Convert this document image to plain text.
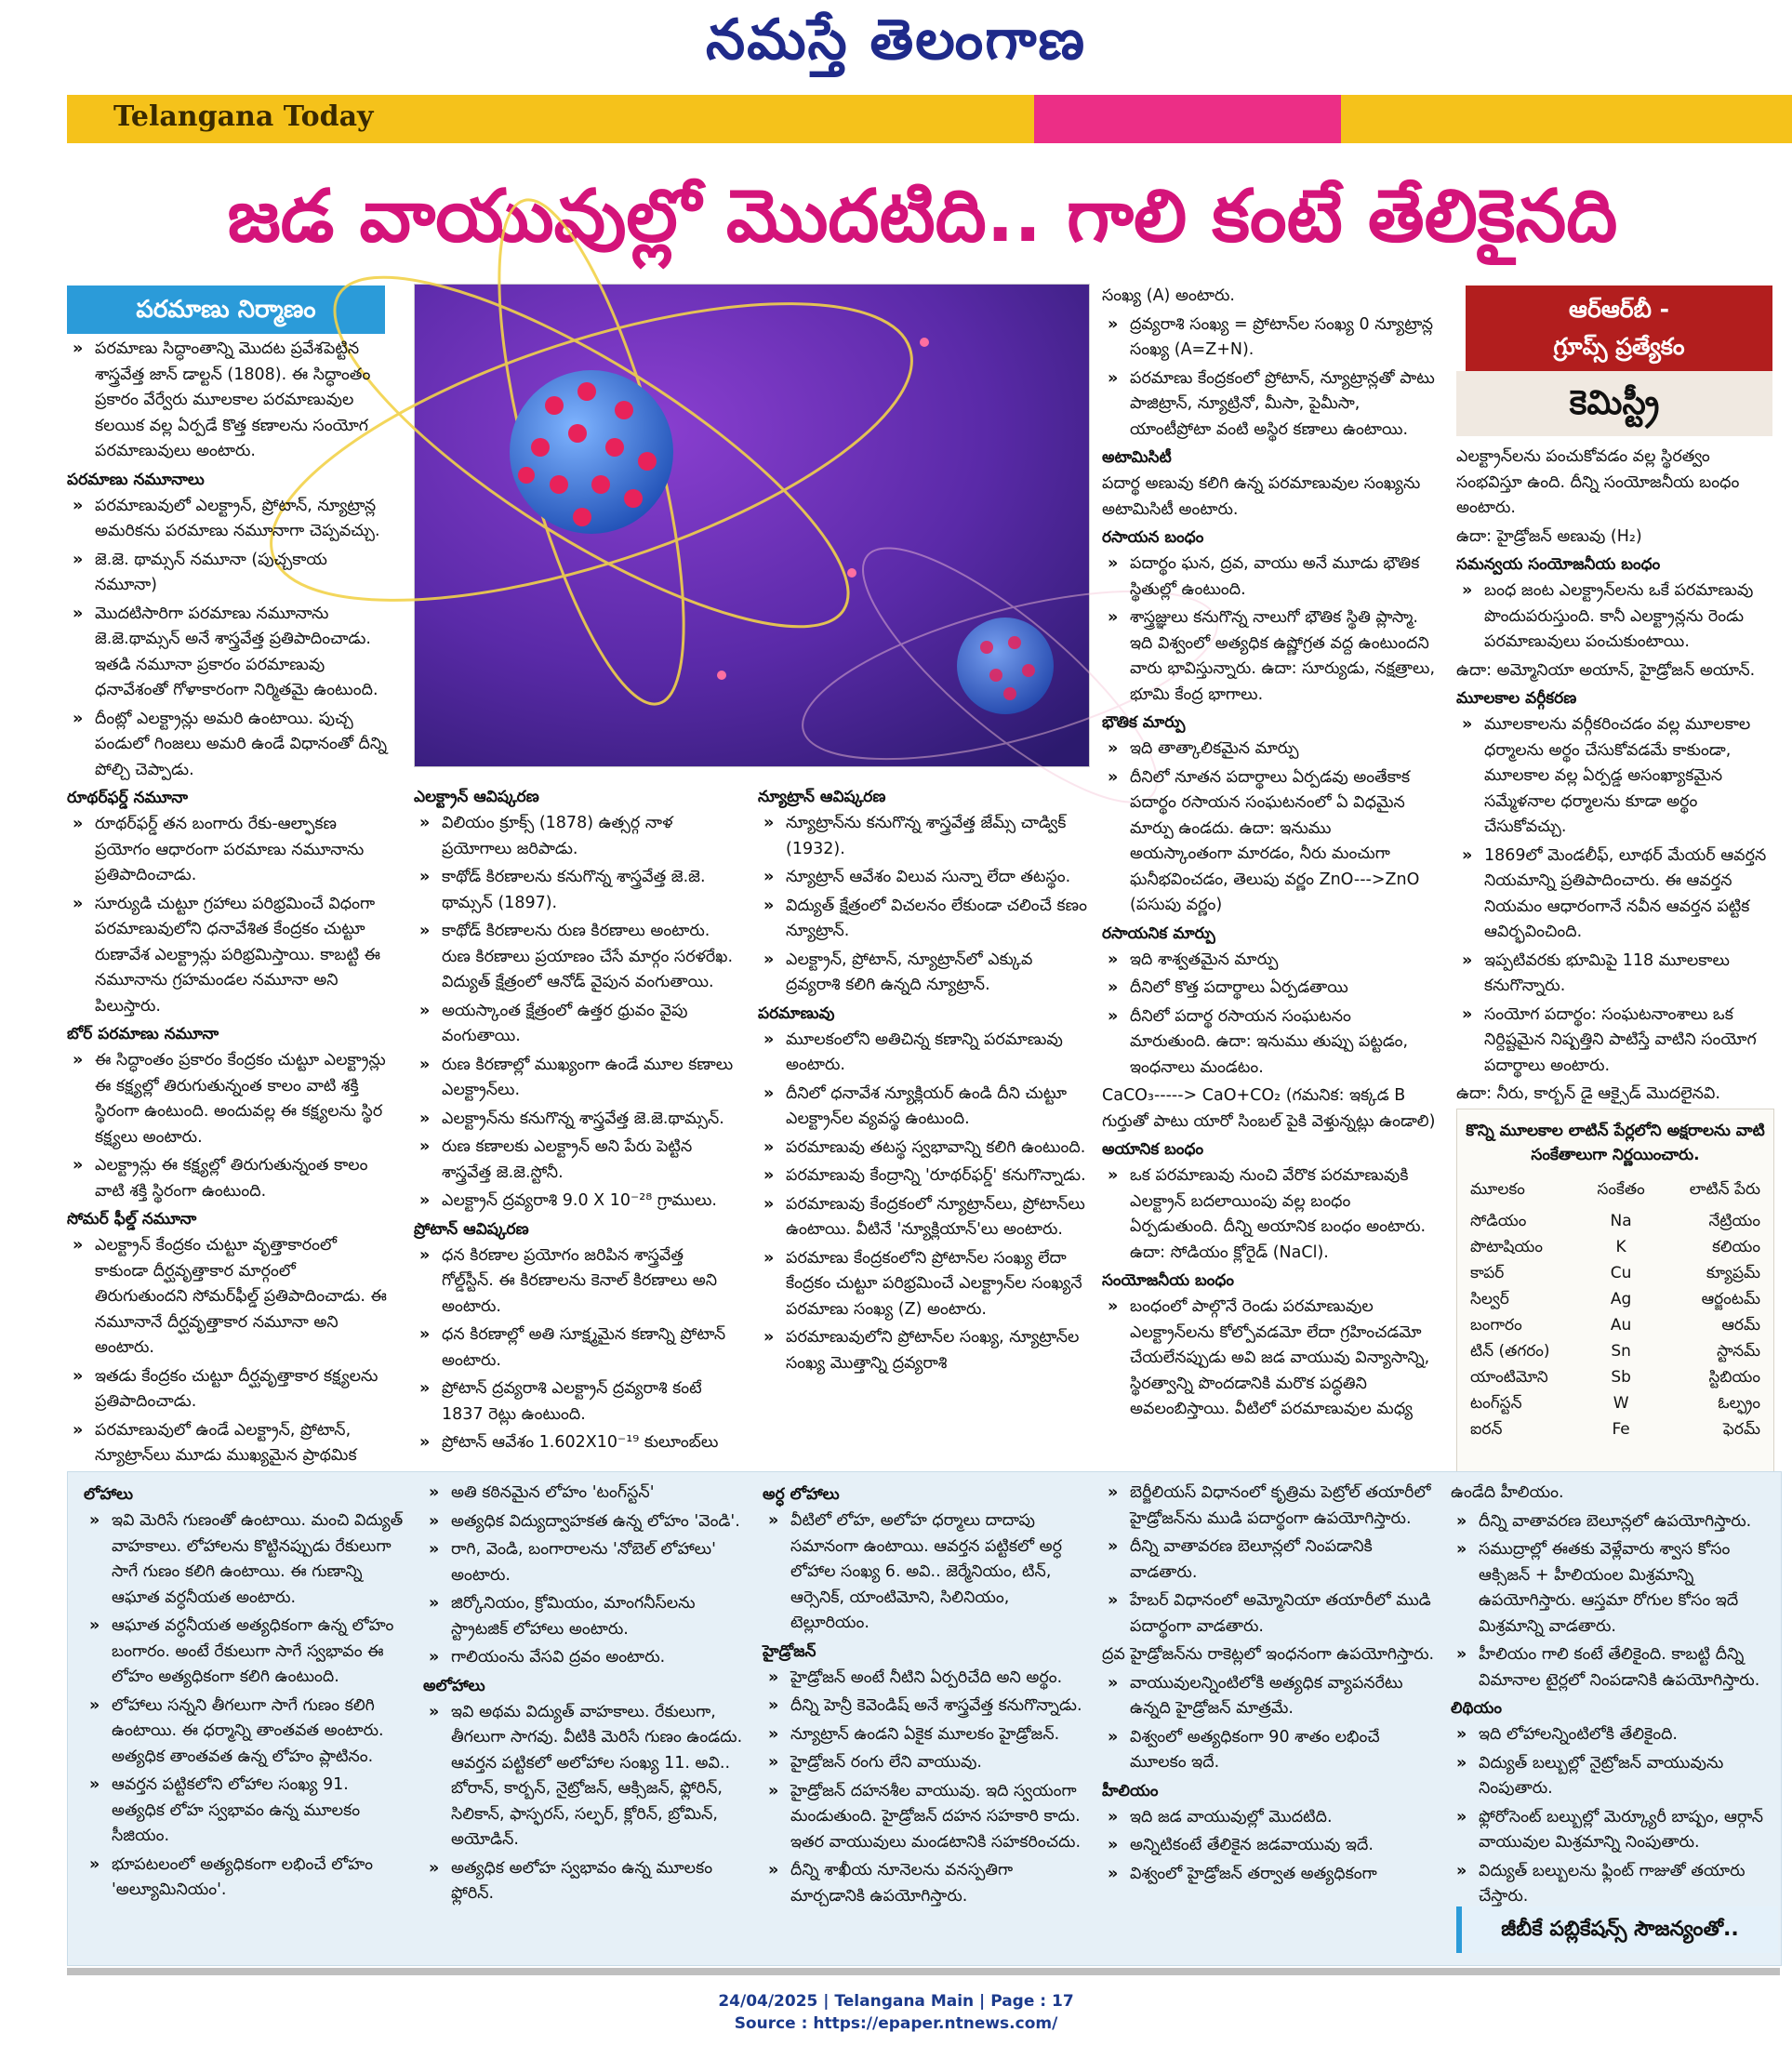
నమస్తే తెలంగాణ
Telangana Today
జడ వాయువుల్లో మొదటిది.. గాలి కంటే తేలికైనది
పరమాణు నిర్మాణం	ఆర్‌ఆర్‌బీ -
గ్రూప్స్ ప్రత్యేకం
కెమిస్ట్రీ
» పరమాణు సిద్ధాంతాన్ని మొదట ప్రవేశపెట్టిన శాస్త్రవేత్త జాన్ డాల్టన్ (1808). ఈ సిద్ధాంతం ప్రకారం వేర్వేరు మూలకాల పరమాణువుల కలయిక వల్ల ఏర్పడే కొత్త కణాలను సంయోగ పరమాణువులు అంటారు.
పరమాణు నమూనాలు
» పరమాణువులో ఎలక్ట్రాన్, ప్రోటాన్, న్యూట్రాన్ల అమరికను పరమాణు నమూనాగా చెప్పవచ్చు.
» జె.జె. థామ్సన్ నమూనా (పుచ్చకాయ నమూనా)
» మొదటిసారిగా పరమాణు నమూనాను జె.జె.థామ్సన్ అనే శాస్త్రవేత్త ప్రతిపాదించాడు. ఇతడి నమూనా ప్రకారం పరమాణువు ధనావేశంతో గోళాకారంగా నిర్మితమై ఉంటుంది.
» దీంట్లో ఎలక్ట్రాన్లు అమరి ఉంటాయి. పుచ్చ పండులో గింజలు అమరి ఉండే విధానంతో దీన్ని పోల్చి చెప్పాడు.
రూథర్‌ఫర్డ్ నమూనా
» రూథర్‌ఫర్డ్ తన బంగారు రేకు-ఆల్ఫాకణ ప్రయోగం ఆధారంగా పరమాణు నమూనాను ప్రతిపాదించాడు.
» సూర్యుడి చుట్టూ గ్రహాలు పరిభ్రమించే విధంగా పరమాణువులోని ధనావేశిత కేంద్రకం చుట్టూ రుణావేశ ఎలక్ట్రాన్లు పరిభ్రమిస్తాయి. కాబట్టి ఈ నమూనాను గ్రహమండల నమూనా అని పిలుస్తారు.
బోర్ పరమాణు నమూనా
» ఈ సిద్ధాంతం ప్రకారం కేంద్రకం చుట్టూ ఎలక్ట్రాన్లు ఈ కక్ష్యల్లో తిరుగుతున్నంత కాలం వాటి శక్తి స్థిరంగా ఉంటుంది. అందువల్ల ఈ కక్ష్యలను స్థిర కక్ష్యలు అంటారు.
» ఎలక్ట్రాన్లు ఈ కక్ష్యల్లో తిరుగుతున్నంత కాలం వాటి శక్తి స్థిరంగా ఉంటుంది.
సోమర్ ఫీల్డ్ నమూనా
» ఎలక్ట్రాన్ కేంద్రకం చుట్టూ వృత్తాకారంలో కాకుండా దీర్ఘవృత్తాకార మార్గంలో తిరుగుతుందని సోమర్‌ఫీల్డ్ ప్రతిపాదించాడు. ఈ నమూనానే దీర్ఘవృత్తాకార నమూనా అని అంటారు.
» ఇతడు కేంద్రకం చుట్టూ దీర్ఘవృత్తాకార కక్ష్యలను ప్రతిపాదించాడు.
» పరమాణువులో ఉండే ఎలక్ట్రాన్, ప్రోటాన్, న్యూట్రాన్‌లు మూడు ముఖ్యమైన ప్రాథమిక
ఎలక్ట్రాన్ ఆవిష్కరణ
» విలియం క్రూక్స్ (1878) ఉత్సర్గ నాళ ప్రయోగాలు జరిపాడు.
» కాథోడ్ కిరణాలను కనుగొన్న శాస్త్రవేత్త జె.జె. థామ్సన్ (1897).
» కాథోడ్ కిరణాలను రుణ కిరణాలు అంటారు. రుణ కిరణాలు ప్రయాణం చేసే మార్గం సరళరేఖ. విద్యుత్ క్షేత్రంలో ఆనోడ్ వైపున వంగుతాయి.
» అయస్కాంత క్షేత్రంలో ఉత్తర ధ్రువం వైపు వంగుతాయి.
» రుణ కిరణాల్లో ముఖ్యంగా ఉండే మూల కణాలు ఎలక్ట్రాన్‌లు.
» ఎలక్ట్రాన్‌ను కనుగొన్న శాస్త్రవేత్త జె.జె.థామ్సన్.
» రుణ కణాలకు ఎలక్ట్రాన్ అని పేరు పెట్టిన శాస్త్రవేత్త జె.జె.స్టోనీ.
» ఎలక్ట్రాన్ ద్రవ్యరాశి 9.0 X 10⁻²⁸ గ్రాములు.
ప్రోటాన్ ఆవిష్కరణ
» ధన కిరణాల ప్రయోగం జరిపిన శాస్త్రవేత్త గోల్డ్‌స్టీన్. ఈ కిరణాలను కెనాల్ కిరణాలు అని అంటారు.
» ధన కిరణాల్లో అతి సూక్ష్మమైన కణాన్ని ప్రోటాన్ అంటారు.
» ప్రోటాన్ ద్రవ్యరాశి ఎలక్ట్రాన్ ద్రవ్యరాశి కంటే 1837 రెట్లు ఉంటుంది.
» ప్రోటాన్ ఆవేశం 1.602X10⁻¹⁹ కులూంబ్‌లు
న్యూట్రాన్ ఆవిష్కరణ
» న్యూట్రాన్‌ను కనుగొన్న శాస్త్రవేత్త జేమ్స్ చాడ్విక్ (1932).
» న్యూట్రాన్ ఆవేశం విలువ సున్నా లేదా తటస్థం.
» విద్యుత్ క్షేత్రంలో విచలనం లేకుండా చలించే కణం న్యూట్రాన్.
» ఎలక్ట్రాన్, ప్రోటాన్, న్యూట్రాన్‌లో ఎక్కువ ద్రవ్యరాశి కలిగి ఉన్నది న్యూట్రాన్.
పరమాణువు
» మూలకంలోని అతిచిన్న కణాన్ని పరమాణువు అంటారు.
» దీనిలో ధనావేశ న్యూక్లియర్ ఉండి దీని చుట్టూ ఎలక్ట్రాన్‌ల వ్యవస్థ ఉంటుంది.
» పరమాణువు తటస్థ స్వభావాన్ని కలిగి ఉంటుంది.
» పరమాణువు కేంద్రాన్ని 'రూథర్‌ఫర్డ్' కనుగొన్నాడు.
» పరమాణువు కేంద్రకంలో న్యూట్రాన్‌లు, ప్రోటాన్‌లు ఉంటాయి. వీటినే 'న్యూక్లియాన్'లు అంటారు.
» పరమాణు కేంద్రకంలోని ప్రోటాన్‌ల సంఖ్య లేదా కేంద్రకం చుట్టూ పరిభ్రమించే ఎలక్ట్రాన్‌ల సంఖ్యనే పరమాణు సంఖ్య (Z) అంటారు.
» పరమాణువులోని ప్రోటాన్‌ల సంఖ్య, న్యూట్రాన్‌ల సంఖ్య మొత్తాన్ని ద్రవ్యరాశి

సంఖ్య (A) అంటారు.

» ద్రవ్యరాశి సంఖ్య = ప్రోటాన్‌ల సంఖ్య 0 న్యూట్రాన్ల సంఖ్య (A=Z+N).
» పరమాణు కేంద్రకంలో ప్రోటాన్, న్యూట్రాన్లతో పాటు పాజిట్రాన్, న్యూట్రినో, మీసా, పైమీసా, యాంటీప్రోటా వంటి అస్థిర కణాలు ఉంటాయి.
అటామిసిటీ

పదార్థ అణువు కలిగి ఉన్న పరమాణువుల సంఖ్యను అటామిసిటీ అంటారు.

రసాయన బంధం
» పదార్థం ఘన, ద్రవ, వాయు అనే మూడు భౌతిక స్థితుల్లో ఉంటుంది.
» శాస్త్రజ్ఞులు కనుగొన్న నాలుగో భౌతిక స్థితి ప్లాస్మా. ఇది విశ్వంలో అత్యధిక ఉష్ణోగ్రత వద్ద ఉంటుందని వారు భావిస్తున్నారు. ఉదా: సూర్యుడు, నక్షత్రాలు, భూమి కేంద్ర భాగాలు.
భౌతిక మార్పు
» ఇది తాత్కాలికమైన మార్పు
» దీనిలో నూతన పదార్థాలు ఏర్పడవు అంతేకాక పదార్థం రసాయన సంఘటనంలో ఏ విధమైన మార్పు ఉండదు. ఉదా: ఇనుము అయస్కాంతంగా మారడం, నీరు మంచుగా ఘనీభవించడం, తెలుపు వర్ణం ZnO--->ZnO (పసుపు వర్ణం)
రసాయనిక మార్పు
» ఇది శాశ్వతమైన మార్పు
» దీనిలో కొత్త పదార్థాలు ఏర్పడతాయి
» దీనిలో పదార్థ రసాయన సంఘటనం మారుతుంది. ఉదా: ఇనుము తుప్పు పట్టడం, ఇంధనాలు మండటం.

CaCO₃-----> CaO+CO₂ (గమనిక: ఇక్కడ B గుర్తుతో పాటు యారో సింబల్ పైకి వెళ్తున్నట్లు ఉండాలి)

అయానిక బంధం
» ఒక పరమాణువు నుంచి వేరొక పరమాణువుకి ఎలక్ట్రాన్ బదలాయింపు వల్ల బంధం ఏర్పడుతుంది. దీన్ని అయానిక బంధం అంటారు. ఉదా: సోడియం క్లోరైడ్ (NaCl).
సంయోజనీయ బంధం
» బంధంలో పాల్గొనే రెండు పరమాణువుల ఎలక్ట్రాన్‌లను కోల్పోవడమో లేదా గ్రహించడమో చేయలేనప్పుడు అవి జడ వాయువు విన్యాసాన్ని, స్థిరత్వాన్ని పొందడానికి మరొక పద్ధతిని అవలంబిస్తాయి. వీటిలో పరమాణువుల మధ్య

ఎలక్ట్రాన్‌లను పంచుకోవడం వల్ల స్థిరత్వం సంభవిస్తూ ఉంది. దీన్ని సంయోజనీయ బంధం అంటారు.

ఉదా: హైడ్రోజన్ అణువు (H₂)

సమన్వయ సంయోజనీయ బంధం
» బంధ జంట ఎలక్ట్రాన్‌లను ఒకే పరమాణువు పొందుపరుస్తుంది. కానీ ఎలక్ట్రాన్లను రెండు పరమాణువులు పంచుకుంటాయి.

ఉదా: అమ్మోనియా అయాన్, హైడ్రోజన్ అయాన్.

మూలకాల వర్గీకరణ
» మూలకాలను వర్గీకరించడం వల్ల మూలకాల ధర్మాలను అర్థం చేసుకోవడమే కాకుండా, మూలకాల వల్ల ఏర్పడ్డ అసంఖ్యాకమైన సమ్మేళనాల ధర్మాలను కూడా అర్థం చేసుకోవచ్చు.
» 1869లో మెండలీఫ్, లూథర్ మేయర్ ఆవర్తన నియమాన్ని ప్రతిపాదించారు. ఈ ఆవర్తన నియమం ఆధారంగానే నవీన ఆవర్తన పట్టిక ఆవిర్భవించింది.
» ఇప్పటివరకు భూమిపై 118 మూలకాలు కనుగొన్నారు.
» సంయోగ పదార్థం: సంఘటనాంశాలు ఒక నిర్దిష్టమైన నిష్పత్తిని పాటిస్తే వాటిని సంయోగ పదార్థాలు అంటారు.

ఉదా: నీరు, కార్బన్ డై ఆక్సైడ్ మొదలైనవి.

కొన్ని మూలకాల లాటిన్ పేర్లలోని అక్షరాలను వాటి సంకేతాలుగా నిర్ణయించారు.
మూలకం	సంకేతం	లాటిన్ పేరు
సోడియం	Na	నేట్రియం
పొటాషియం	K	కలియం
కాపర్	Cu	క్యూప్రమ్
సిల్వర్	Ag	ఆర్జంటమ్
బంగారం	Au	ఆరమ్
టిన్ (తగరం)	Sn	స్టానమ్
యాంటిమోని	Sb	స్టిబియం
టంగ్‌స్టన్	W	ఓల్ఫ్రం
ఐరన్	Fe	ఫెరమ్
లోహాలు
» ఇవి మెరిసే గుణంతో ఉంటాయి. మంచి విద్యుత్ వాహకాలు. లోహాలను కొట్టినప్పుడు రేకులుగా సాగే గుణం కలిగి ఉంటాయి. ఈ గుణాన్ని ఆఘాత వర్ధనీయత అంటారు.
» ఆఘాత వర్ధనీయత అత్యధికంగా ఉన్న లోహం బంగారం. అంటే రేకులుగా సాగే స్వభావం ఈ లోహం అత్యధికంగా కలిగి ఉంటుంది.
» లోహాలు సన్నని తీగలుగా సాగే గుణం కలిగి ఉంటాయి. ఈ ధర్మాన్ని తాంతవత అంటారు. అత్యధిక తాంతవత ఉన్న లోహం ప్లాటినం.
» ఆవర్తన పట్టికలోని లోహాల సంఖ్య 91. అత్యధిక లోహ స్వభావం ఉన్న మూలకం సీజియం.
» భూపటలంలో అత్యధికంగా లభించే లోహం 'అల్యూమినియం'.
» అతి కఠినమైన లోహం 'టంగ్‌స్టన్'
» అత్యధిక విద్యుద్వాహకత ఉన్న లోహం 'వెండి'.
» రాగి, వెండి, బంగారాలను 'నోబెల్ లోహాలు' అంటారు.
» జిర్కోనియం, క్రోమియం, మాంగనీస్‌లను స్ట్రాటజిక్ లోహాలు అంటారు.
» గాలియంను వేసవి ద్రవం అంటారు.
అలోహాలు
» ఇవి అథమ విద్యుత్ వాహకాలు. రేకులుగా, తీగలుగా సాగవు. వీటికి మెరిసే గుణం ఉండదు. ఆవర్తన పట్టికలో అలోహాల సంఖ్య 11. అవి.. బోరాన్, కార్బన్, నైట్రోజన్, ఆక్సిజన్, ఫ్లోరిన్, సిలికాన్, ఫాస్ఫరస్, సల్ఫర్, క్లోరిన్, బ్రోమిన్, అయోడిన్.
» అత్యధిక అలోహ స్వభావం ఉన్న మూలకం ఫ్లోరిన్.
అర్ధ లోహాలు
» వీటిలో లోహ, అలోహ ధర్మాలు దాదాపు సమానంగా ఉంటాయి. ఆవర్తన పట్టికలో అర్ధ లోహాల సంఖ్య 6. అవి.. జెర్మేనియం, టిన్, ఆర్సెనిక్, యాంటిమోని, సిలినియం, టెల్లూరియం.
హైడ్రోజన్
» హైడ్రోజన్ అంటే నీటిని ఏర్పరిచేది అని అర్థం.
» దీన్ని హెన్రీ కెవెండిష్ అనే శాస్త్రవేత్త కనుగొన్నాడు.
» న్యూట్రాన్ ఉండని ఏకైక మూలకం హైడ్రోజన్.
» హైడ్రోజన్ రంగు లేని వాయువు.
» హైడ్రోజన్ దహనశీల వాయువు. ఇది స్వయంగా మండుతుంది. హైడ్రోజన్ దహన సహకారి కాదు. ఇతర వాయువులు మండటానికి సహకరించదు.
» దీన్ని శాఖీయ నూనెలను వనస్పతిగా మార్చడానికి ఉపయోగిస్తారు.
» బెర్జీలియస్ విధానంలో కృత్రిమ పెట్రోల్ తయారీలో హైడ్రోజన్‌ను ముడి పదార్థంగా ఉపయోగిస్తారు.
» దీన్ని వాతావరణ బెలూన్లలో నింపడానికి వాడతారు.
» హేబర్ విధానంలో అమ్మోనియా తయారీలో ముడి పదార్థంగా వాడతారు.

ద్రవ హైడ్రోజన్‌ను రాకెట్లలో ఇంధనంగా ఉపయోగిస్తారు.

» వాయువులన్నింటిలోకి అత్యధిక వ్యాపనరేటు ఉన్నది హైడ్రోజన్ మాత్రమే.
» విశ్వంలో అత్యధికంగా 90 శాతం లభించే మూలకం ఇదే.
హీలియం
» ఇది జడ వాయువుల్లో మొదటిది.
» అన్నిటికంటే తేలికైన జడవాయువు ఇదే.
» విశ్వంలో హైడ్రోజన్ తర్వాత అత్యధికంగా

ఉండేది హీలియం.

» దీన్ని వాతావరణ బెలూన్లలో ఉపయోగిస్తారు.
» సముద్రాల్లో ఈతకు వెళ్లేవారు శ్వాస కోసం ఆక్సిజన్ + హీలియంల మిశ్రమాన్ని ఉపయోగిస్తారు. ఆస్తమా రోగుల కోసం ఇదే మిశ్రమాన్ని వాడతారు.
» హీలియం గాలి కంటే తేలికైంది. కాబట్టి దీన్ని విమానాల టైర్లలో నింపడానికి ఉపయోగిస్తారు.
లిథియం
» ఇది లోహాలన్నింటిలోకి తేలికైంది.
» విద్యుత్ బల్బుల్లో నైట్రోజన్ వాయువును నింపుతారు.
» ఫ్లోరోసెంట్ బల్బుల్లో మెర్క్యూరీ బాష్పం, ఆర్గాన్ వాయువుల మిశ్రమాన్ని నింపుతారు.
» విద్యుత్ బల్బులను ఫ్లింట్ గాజుతో తయారు చేస్తారు.
జీబీకే పబ్లికేషన్స్ సౌజన్యంతో..
24/04/2025 | Telangana Main | Page : 17
Source : https://epaper.ntnews.com/
